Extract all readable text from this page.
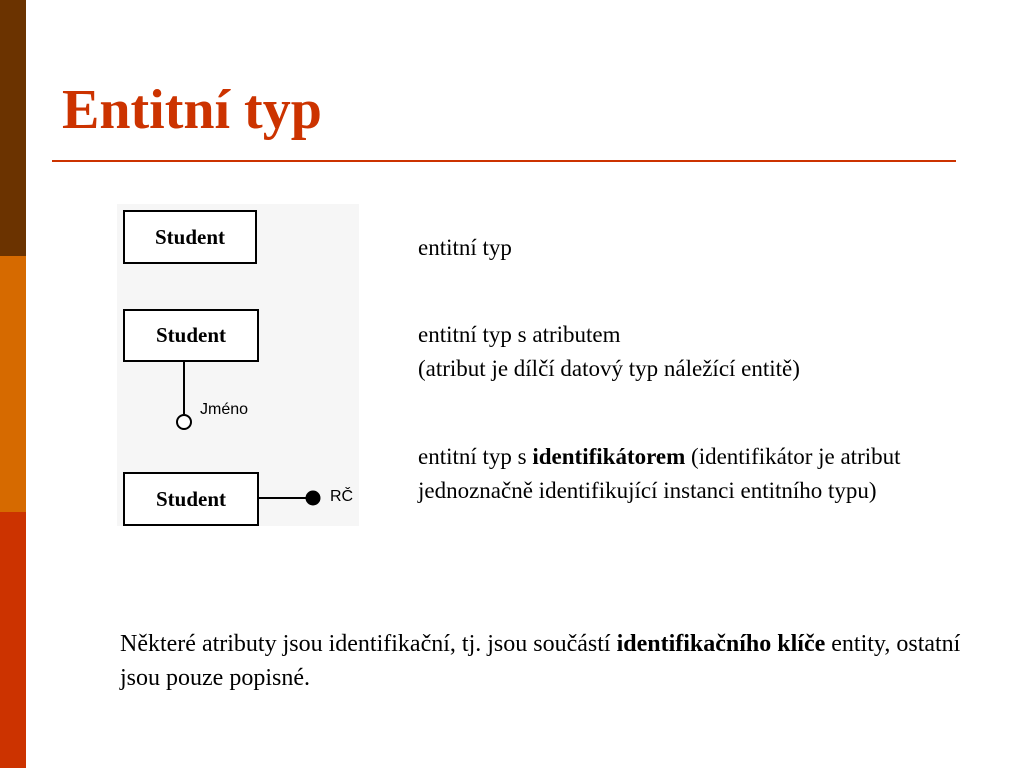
Entitní typ
Student
Student
Student
Jméno
RČ

entitní typ

entitní typ s atributem
(atribut je dílčí datový typ náležící entitě)

entitní typ s identifikátorem (identifikátor je atribut jednoznačně identifikující instanci entitního typu)

Některé atributy jsou identifikační, tj. jsou součástí identifikačního klíče entity, ostatní jsou pouze popisné.
